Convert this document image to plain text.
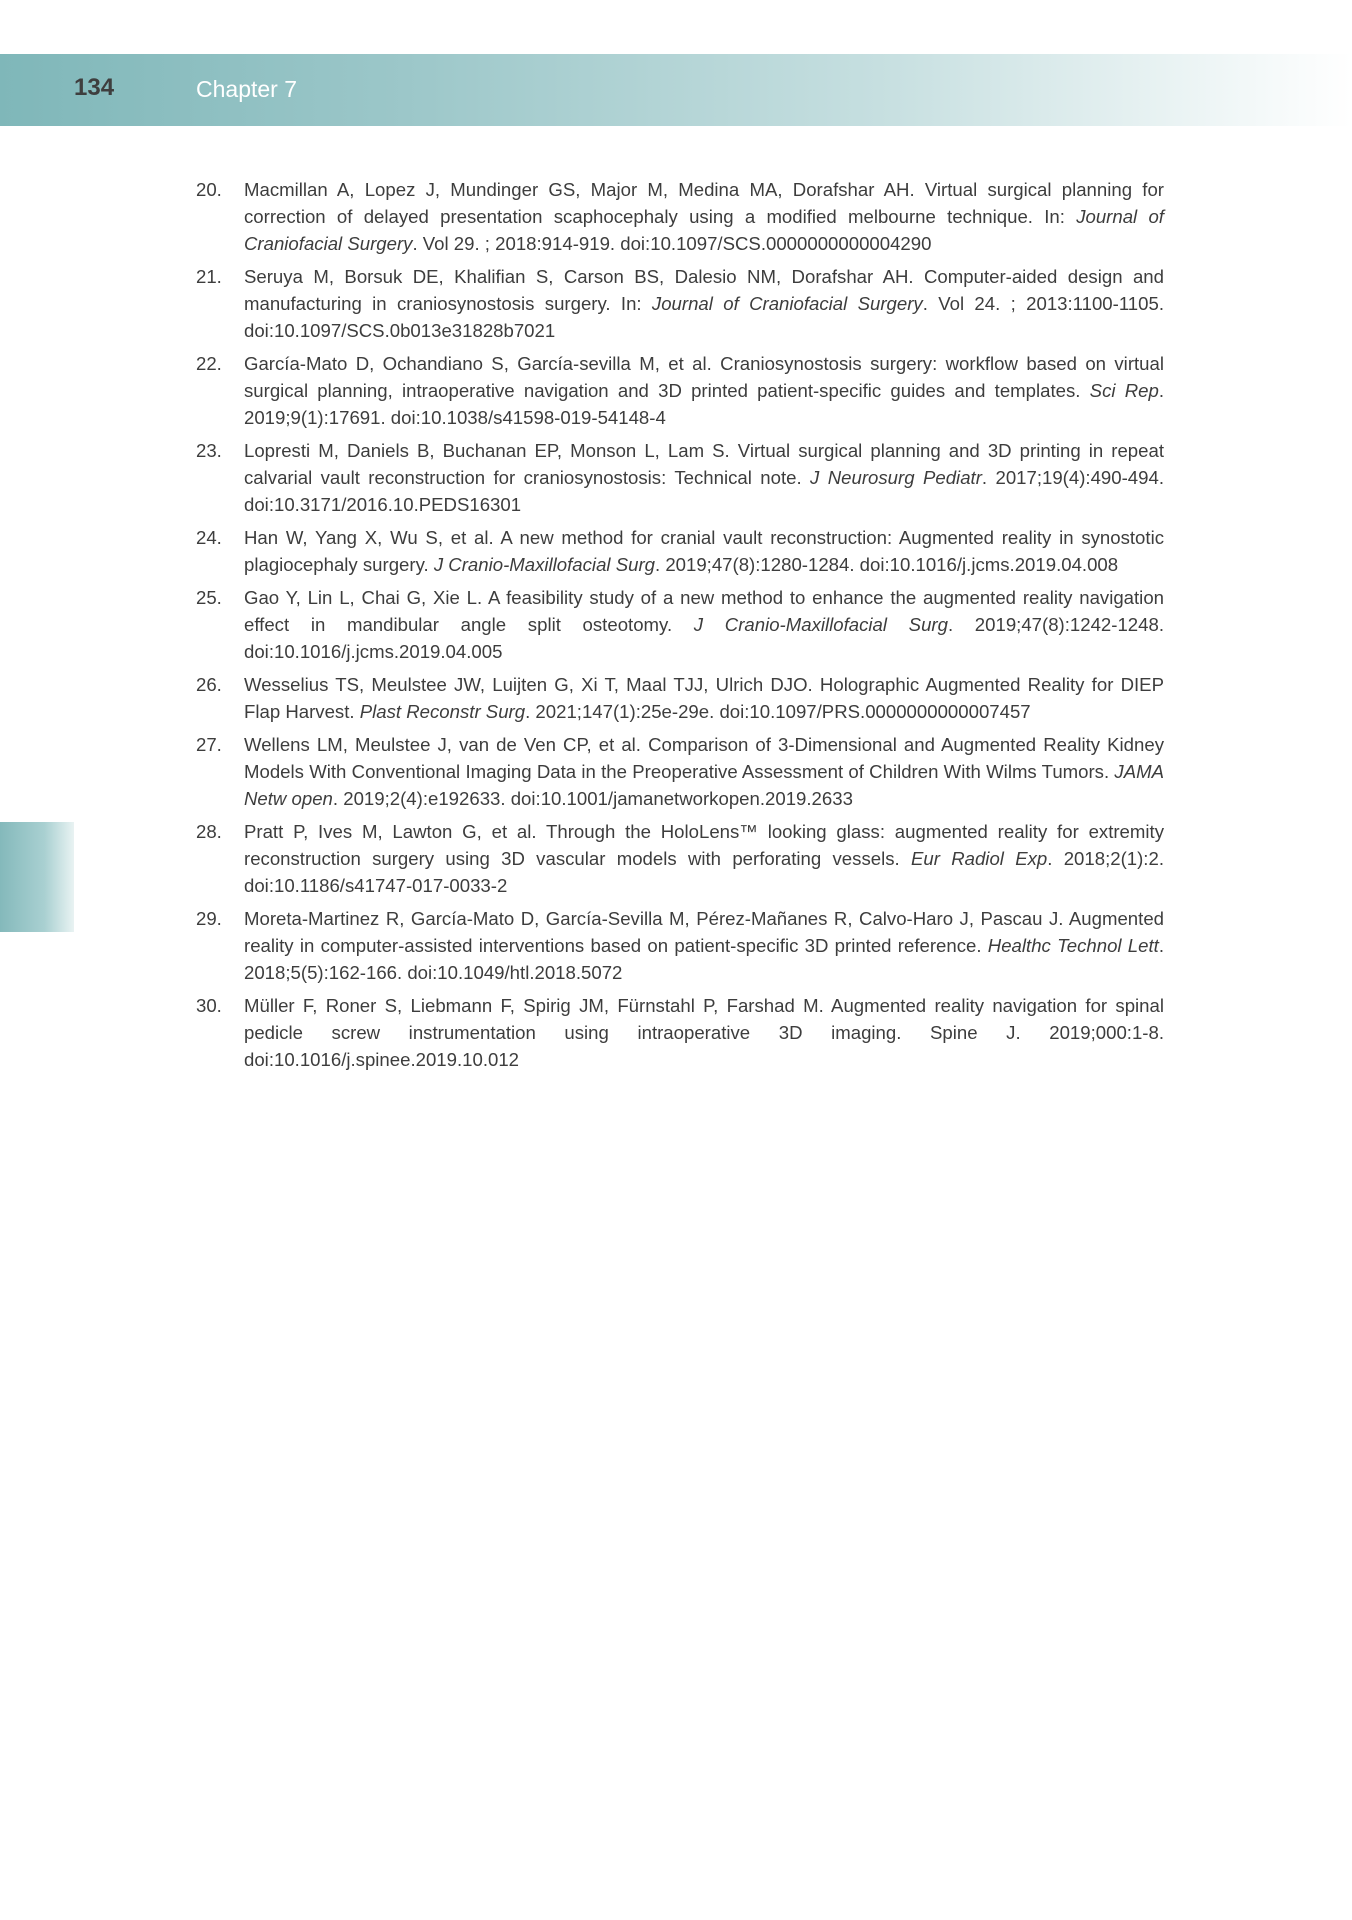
134	Chapter 7
20. Macmillan A, Lopez J, Mundinger GS, Major M, Medina MA, Dorafshar AH. Virtual surgical planning for correction of delayed presentation scaphocephaly using a modified melbourne technique. In: Journal of Craniofacial Surgery. Vol 29. ; 2018:914-919. doi:10.1097/SCS.0000000000004290
21. Seruya M, Borsuk DE, Khalifian S, Carson BS, Dalesio NM, Dorafshar AH. Computer-aided design and manufacturing in craniosynostosis surgery. In: Journal of Craniofacial Surgery. Vol 24. ; 2013:1100-1105. doi:10.1097/SCS.0b013e31828b7021
22. García-Mato D, Ochandiano S, García-sevilla M, et al. Craniosynostosis surgery: workflow based on virtual surgical planning, intraoperative navigation and 3D printed patient-specific guides and templates. Sci Rep. 2019;9(1):17691. doi:10.1038/s41598-019-54148-4
23. Lopresti M, Daniels B, Buchanan EP, Monson L, Lam S. Virtual surgical planning and 3D printing in repeat calvarial vault reconstruction for craniosynostosis: Technical note. J Neurosurg Pediatr. 2017;19(4):490-494. doi:10.3171/2016.10.PEDS16301
24. Han W, Yang X, Wu S, et al. A new method for cranial vault reconstruction: Augmented reality in synostotic plagiocephaly surgery. J Cranio-Maxillofacial Surg. 2019;47(8):1280-1284. doi:10.1016/j.jcms.2019.04.008
25. Gao Y, Lin L, Chai G, Xie L. A feasibility study of a new method to enhance the augmented reality navigation effect in mandibular angle split osteotomy. J Cranio-Maxillofacial Surg. 2019;47(8):1242-1248. doi:10.1016/j.jcms.2019.04.005
26. Wesselius TS, Meulstee JW, Luijten G, Xi T, Maal TJJ, Ulrich DJO. Holographic Augmented Reality for DIEP Flap Harvest. Plast Reconstr Surg. 2021;147(1):25e-29e. doi:10.1097/PRS.0000000000007457
27. Wellens LM, Meulstee J, van de Ven CP, et al. Comparison of 3-Dimensional and Augmented Reality Kidney Models With Conventional Imaging Data in the Preoperative Assessment of Children With Wilms Tumors. JAMA Netw open. 2019;2(4):e192633. doi:10.1001/jamanetworkopen.2019.2633
28. Pratt P, Ives M, Lawton G, et al. Through the HoloLens™ looking glass: augmented reality for extremity reconstruction surgery using 3D vascular models with perforating vessels. Eur Radiol Exp. 2018;2(1):2. doi:10.1186/s41747-017-0033-2
29. Moreta-Martinez R, García-Mato D, García-Sevilla M, Pérez-Mañanes R, Calvo-Haro J, Pascau J. Augmented reality in computer-assisted interventions based on patient-specific 3D printed reference. Healthc Technol Lett. 2018;5(5):162-166. doi:10.1049/htl.2018.5072
30. Müller F, Roner S, Liebmann F, Spirig JM, Fürnstahl P, Farshad M. Augmented reality navigation for spinal pedicle screw instrumentation using intraoperative 3D imaging. Spine J. 2019;000:1-8. doi:10.1016/j.spinee.2019.10.012
